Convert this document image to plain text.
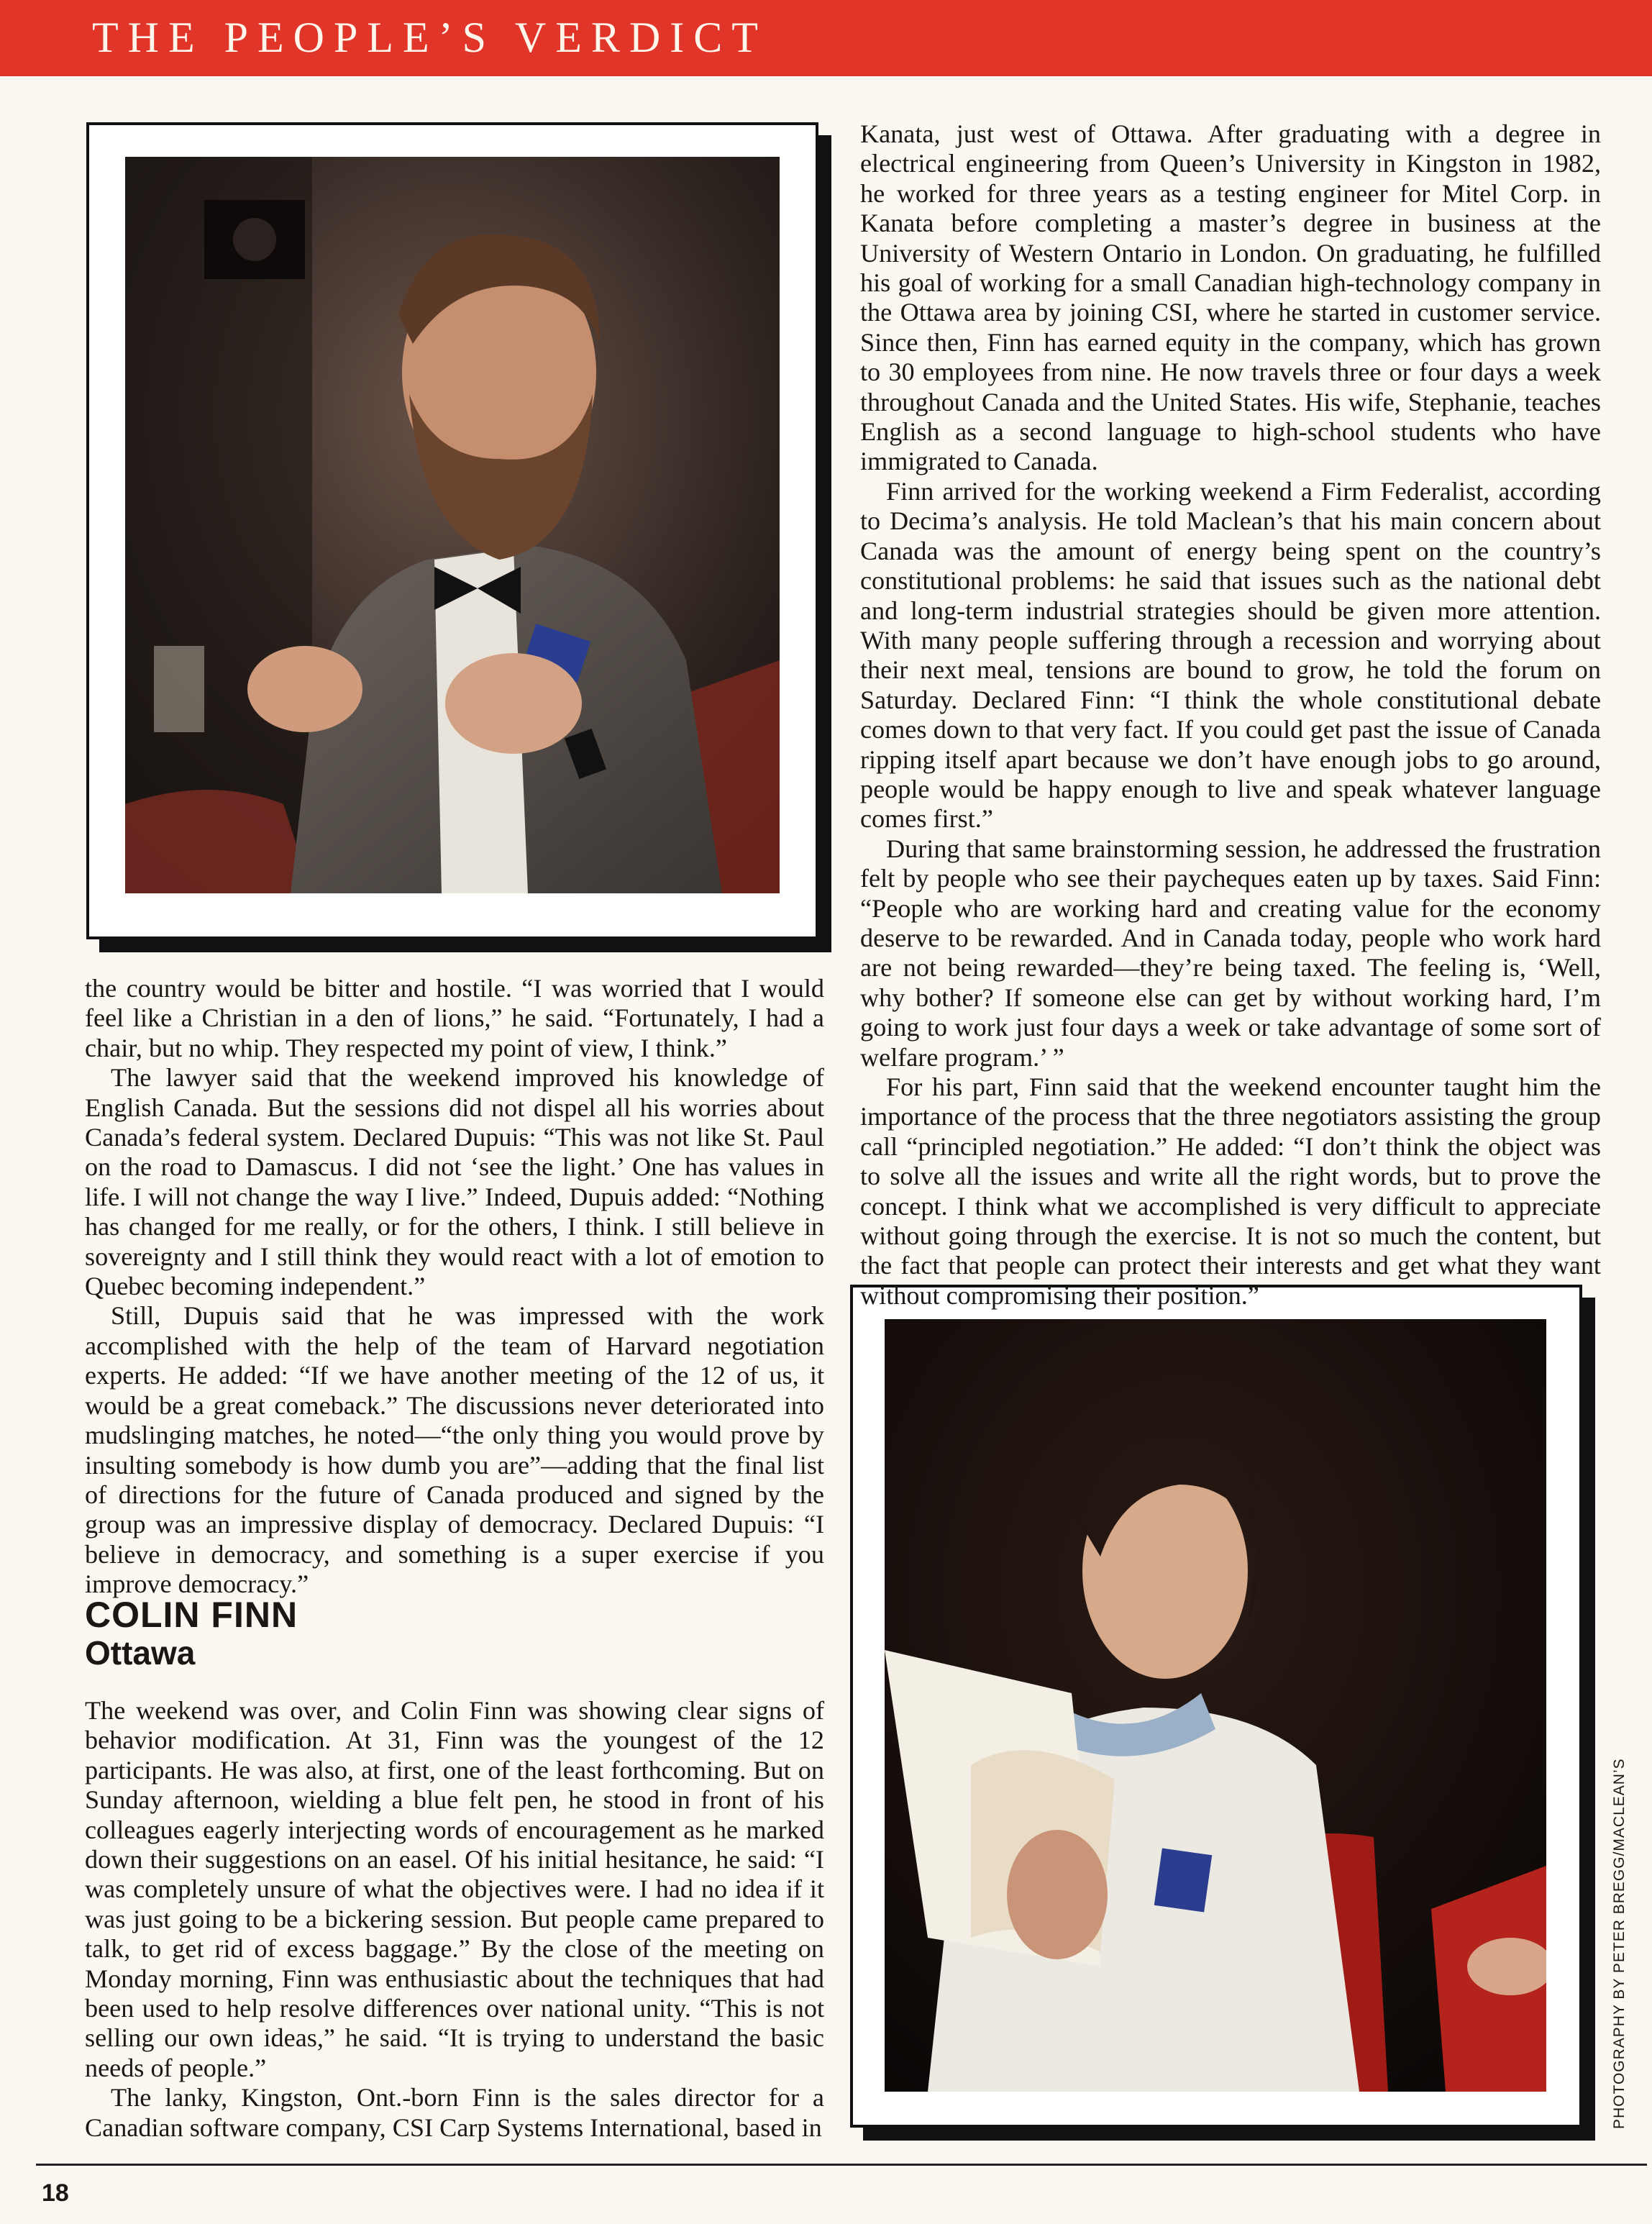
THE PEOPLE’S VERDICT
PHOTOGRAPHY BY PETER BREGG/MACLEAN’S

the country would be bitter and hostile. “I was worried that I would feel like a Christian in a den of lions,” he said. “Fortunately, I had a chair, but no whip. They respected my point of view, I think.”

The lawyer said that the weekend improved his knowledge of English Canada. But the sessions did not dispel all his worries about Canada’s federal system. Declared Dupuis: “This was not like St. Paul on the road to Damascus. I did not ‘see the light.’ One has values in life. I will not change the way I live.” Indeed, Dupuis added: “Nothing has changed for me really, or for the others, I think. I still believe in sovereignty and I still think they would react with a lot of emotion to Quebec becoming independent.”

Still, Dupuis said that he was impressed with the work accomplished with the help of the team of Harvard negotiation experts. He added: “If we have another meeting of the 12 of us, it would be a great comeback.” The discussions never deteriorated into mudslinging matches, he noted—“the only thing you would prove by insulting somebody is how dumb you are”—adding that the final list of directions for the future of Canada produced and signed by the group was an impressive display of democracy. Declared Dupuis: “I believe in democracy, and something is a super exercise if you improve democracy.”

COLIN FINN
Ottawa

The weekend was over, and Colin Finn was showing clear signs of behavior modification. At 31, Finn was the youngest of the 12 participants. He was also, at first, one of the least forthcoming. But on Sunday afternoon, wielding a blue felt pen, he stood in front of his colleagues eagerly interjecting words of encouragement as he marked down their suggestions on an easel. Of his initial hesitance, he said: “I was completely unsure of what the objectives were. I had no idea if it was just going to be a bickering session. But people came prepared to talk, to get rid of excess baggage.” By the close of the meeting on Monday morning, Finn was enthusiastic about the techniques that had been used to help resolve differences over national unity. “This is not selling our own ideas,” he said. “It is trying to understand the basic needs of people.”

The lanky, Kingston, Ont.-born Finn is the sales director for a Canadian software company, CSI Carp Systems International, based in

Kanata, just west of Ottawa. After graduating with a degree in electrical engineering from Queen’s University in Kingston in 1982, he worked for three years as a testing engineer for Mitel Corp. in Kanata before completing a master’s degree in business at the University of Western Ontario in London. On graduating, he fulfilled his goal of working for a small Canadian high-technology company in the Ottawa area by joining CSI, where he started in customer service. Since then, Finn has earned equity in the company, which has grown to 30 employees from nine. He now travels three or four days a week throughout Canada and the United States. His wife, Stephanie, teaches English as a second language to high-school students who have immigrated to Canada.

Finn arrived for the working weekend a Firm Federalist, according to Decima’s analysis. He told Maclean’s that his main concern about Canada was the amount of energy being spent on the country’s constitutional problems: he said that issues such as the national debt and long-term industrial strategies should be given more attention. With many people suffering through a recession and worrying about their next meal, tensions are bound to grow, he told the forum on Saturday. Declared Finn: “I think the whole constitutional debate comes down to that very fact. If you could get past the issue of Canada ripping itself apart because we don’t have enough jobs to go around, people would be happy enough to live and speak whatever language comes first.”

During that same brainstorming session, he addressed the frustration felt by people who see their paycheques eaten up by taxes. Said Finn: “People who are working hard and creating value for the economy deserve to be rewarded. And in Canada today, people who work hard are not being rewarded—they’re being taxed. The feeling is, ‘Well, why bother? If someone else can get by without working hard, I’m going to work just four days a week or take advantage of some sort of welfare program.’ ”

For his part, Finn said that the weekend encounter taught him the importance of the process that the three negotiators assisting the group call “principled negotiation.” He added: “I don’t think the object was to solve all the issues and write all the right words, but to prove the concept. I think what we accomplished is very difficult to appreciate without going through the exercise. It is not so much the content, but the fact that people can protect their interests and get what they want without compromising their position.”

18
